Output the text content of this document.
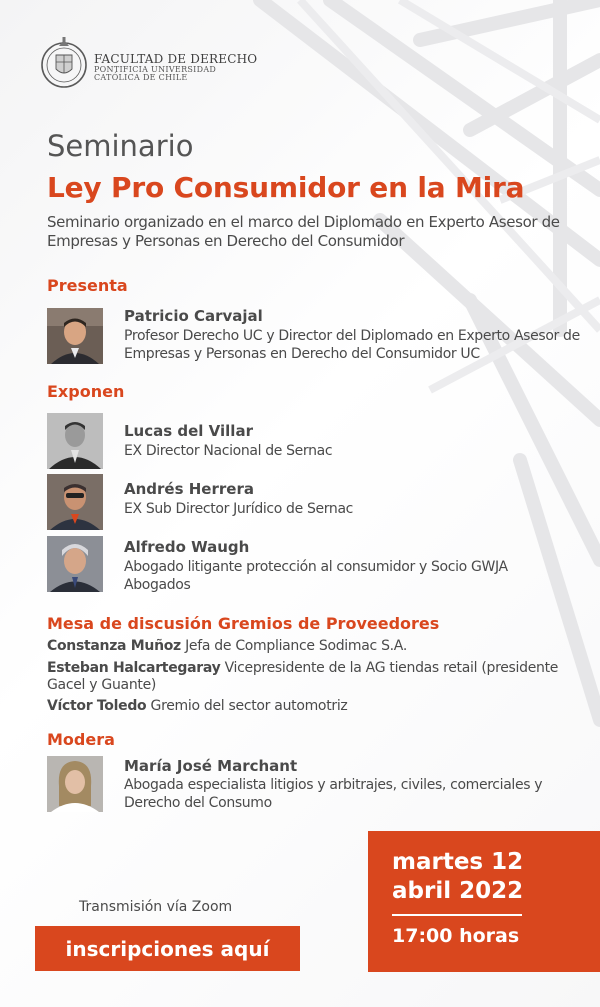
FACULTAD DE DERECHO
PONTIFICIA UNIVERSIDAD
CATÓLICA DE CHILE
Seminario
Ley Pro Consumidor en la Mira
Seminario organizado en el marco del Diplomado en Experto Asesor de Empresas y Personas en Derecho del Consumidor
Presenta
Patricio Carvajal
Profesor Derecho UC y Director del Diplomado en Experto Asesor de Empresas y Personas en Derecho del Consumidor UC
Exponen
Lucas del Villar
EX Director Nacional de Sernac
Andrés Herrera
EX Sub Director Jurídico de Sernac
Alfredo Waugh
Abogado litigante protección al consumidor y Socio GWJA Abogados
Mesa de discusión Gremios de Proveedores
Constanza Muñoz Jefa de Compliance Sodimac S.A.
Esteban Halcartegaray Vicepresidente de la AG tiendas retail (presidente Gacel y Guante)
Víctor Toledo Gremio del sector automotriz
Modera
María José Marchant
Abogada especialista litigios y arbitrajes, civiles, comerciales y Derecho del Consumo
martes 12
abril 2022
17:00 horas
Transmisión vía Zoom
inscripciones aquí
